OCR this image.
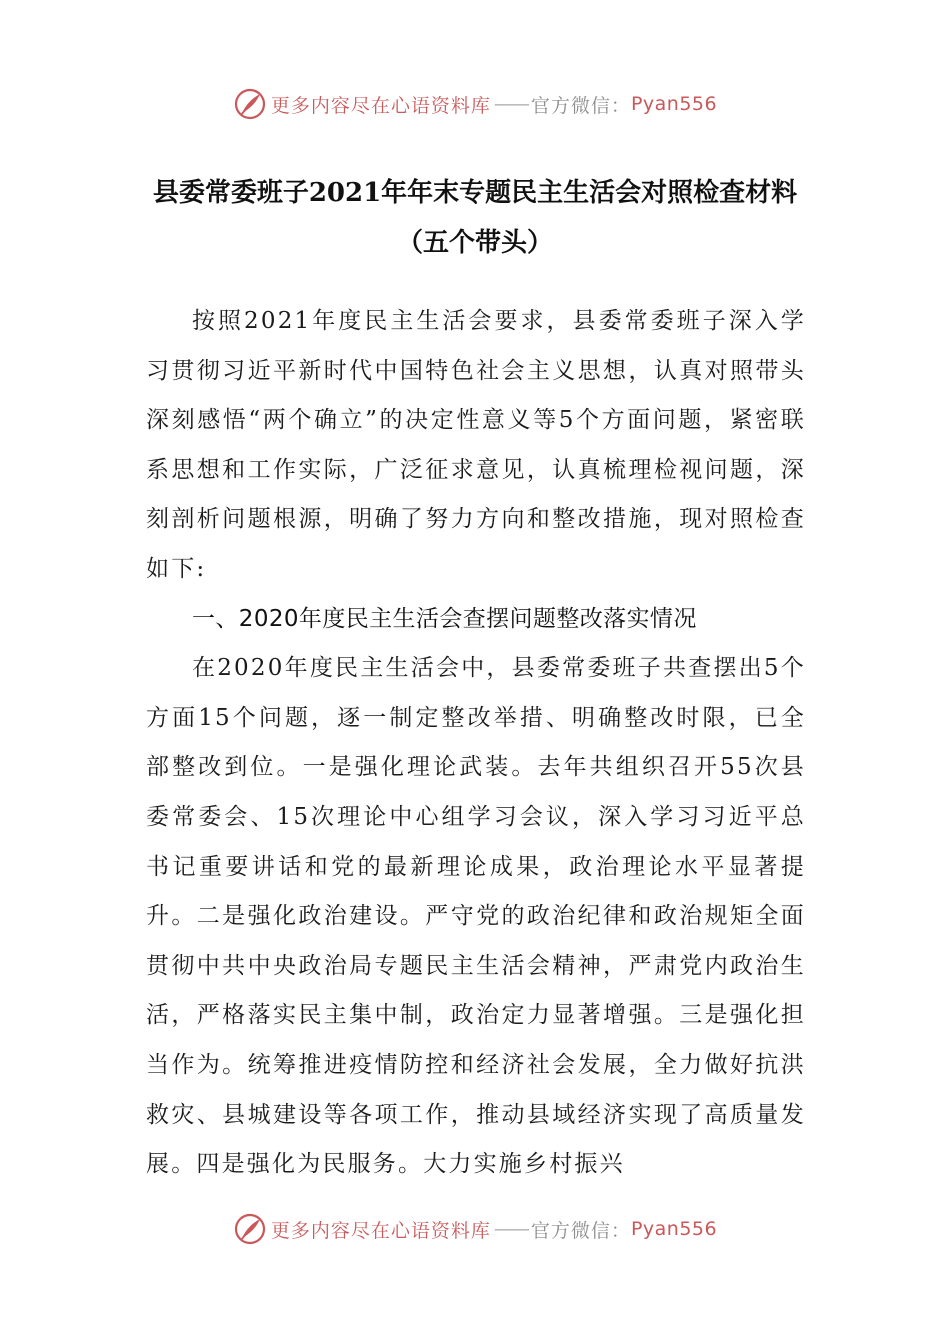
更多内容尽在心语资料库 —— 官方微信： Pyan556
县委常委班子2021年年末专题民主生活会对照检查材料
（五个带头）

按照2021年度民主生活会要求，县委常委班子深入学习贯彻习近平新时代中国特色社会主义思想，认真对照带头深刻感悟“两个确立”的决定性意义等5个方面问题，紧密联系思想和工作实际，广泛征求意见，认真梳理检视问题，深刻剖析问题根源，明确了努力方向和整改措施，现对照检查如下:

一、2020年度民主生活会查摆问题整改落实情况

在2020年度民主生活会中，县委常委班子共查摆出5个方面15个问题，逐一制定整改举措、明确整改时限，已全部整改到位。一是强化理论武装。去年共组织召开55次县委常委会、15次理论中心组学习会议，深入学习习近平总书记重要讲话和党的最新理论成果，政治理论水平显著提升。二是强化政治建设。严守党的政治纪律和政治规矩全面贯彻中共中央政治局专题民主生活会精神，严肃党内政治生活，严格落实民主集中制，政治定力显著增强。三是强化担当作为。统筹推进疫情防控和经济社会发展，全力做好抗洪救灾、县城建设等各项工作，推动县域经济实现了高质量发展。四是强化为民服务。大力实施乡村振兴

更多内容尽在心语资料库 —— 官方微信： Pyan556
